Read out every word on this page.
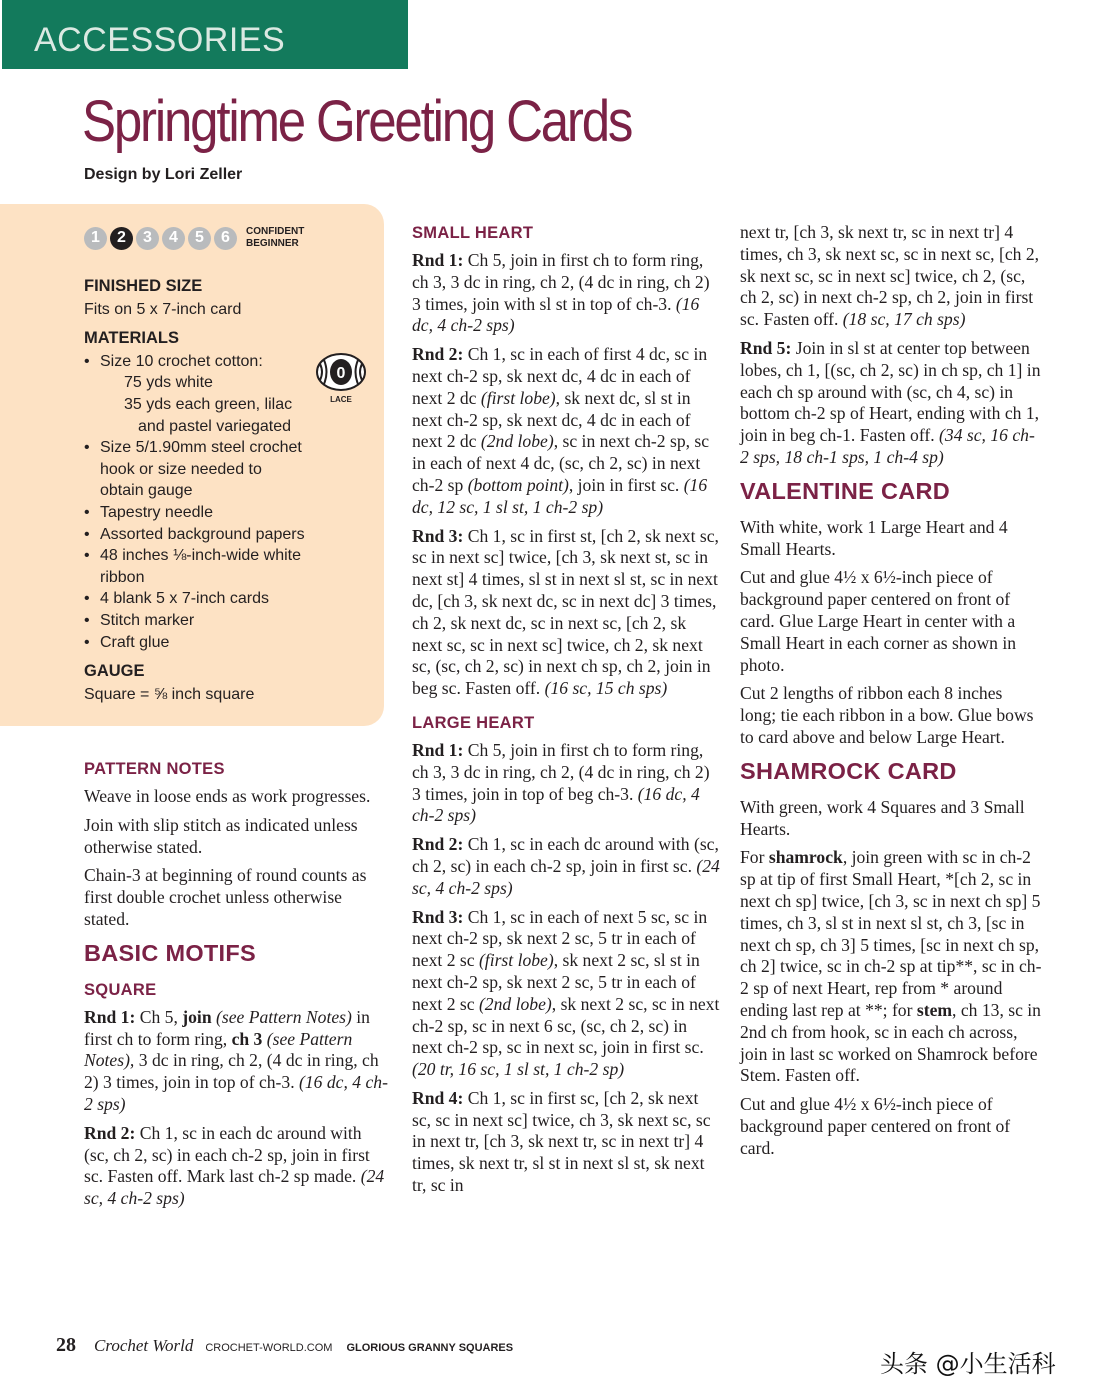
ACCESSORIES
Springtime Greeting Cards
Design by Lori Zeller
1	2	3	4	5	6	CONFIDENT
BEGINNER
0
LACE
FINISHED SIZE
Fits on 5 x 7-inch card
MATERIALS
• Size 10 crochet cotton:
75 yds white
35 yds each green, lilac
and pastel variegated
• Size 5/1.90mm steel crochet
hook or size needed to
obtain gauge
• Tapestry needle
• Assorted background papers
• 48 inches ⅛-inch-wide white
ribbon
• 4 blank 5 x 7-inch cards
• Stitch marker
• Craft glue
GAUGE
Square = ⅝ inch square
PATTERN NOTES

Weave in loose ends as work progresses.

Join with slip stitch as indicated unless otherwise stated.

Chain-3 at beginning of round counts as first double crochet unless otherwise stated.

BASIC MOTIFS
SQUARE

Rnd 1: Ch 5, join (see Pattern Notes) in first ch to form ring, ch 3 (see Pattern Notes), 3 dc in ring, ch 2, (4 dc in ring, ch 2) 3 times, join in top of ch-3. (16 dc, 4 ch-2 sps)

Rnd 2: Ch 1, sc in each dc around with (sc, ch 2, sc) in each ch-2 sp, join in first sc. Fasten off. Mark last ch-2 sp made. (24 sc, 4 ch-2 sps)

SMALL HEART

Rnd 1: Ch 5, join in first ch to form ring, ch 3, 3 dc in ring, ch 2, (4 dc in ring, ch 2) 3 times, join with sl st in top of ch-3. (16 dc, 4 ch-2 sps)

Rnd 2: Ch 1, sc in each of first 4 dc, sc in next ch-2 sp, sk next dc, 4 dc in each of next 2 dc (first lobe), sk next dc, sl st in next ch-2 sp, sk next dc, 4 dc in each of next 2 dc (2nd lobe), sc in next ch-2 sp, sc in each of next 4 dc, (sc, ch 2, sc) in next ch-2 sp (bottom point), join in first sc. (16 dc, 12 sc, 1 sl st, 1 ch-2 sp)

Rnd 3: Ch 1, sc in first st, [ch 2, sk next sc, sc in next sc] twice, [ch 3, sk next st, sc in next st] 4 times, sl st in next sl st, sc in next dc, [ch 3, sk next dc, sc in next dc] 3 times, ch 2, sk next dc, sc in next sc, [ch 2, sk next sc, sc in next sc] twice, ch 2, sk next sc, (sc, ch 2, sc) in next ch sp, ch 2, join in beg sc. Fasten off. (16 sc, 15 ch sps)

LARGE HEART

Rnd 1: Ch 5, join in first ch to form ring, ch 3, 3 dc in ring, ch 2, (4 dc in ring, ch 2) 3 times, join in top of beg ch-3. (16 dc, 4 ch-2 sps)

Rnd 2: Ch 1, sc in each dc around with (sc, ch 2, sc) in each ch-2 sp, join in first sc. (24 sc, 4 ch-2 sps)

Rnd 3: Ch 1, sc in each of next 5 sc, sc in next ch-2 sp, sk next 2 sc, 5 tr in each of next 2 sc (first lobe), sk next 2 sc, sl st in next ch-2 sp, sk next 2 sc, 5 tr in each of next 2 sc (2nd lobe), sk next 2 sc, sc in next ch-2 sp, sc in next 6 sc, (sc, ch 2, sc) in next ch-2 sp, sc in next sc, join in first sc. (20 tr, 16 sc, 1 sl st, 1 ch-2 sp)

Rnd 4: Ch 1, sc in first sc, [ch 2, sk next sc, sc in next sc] twice, ch 3, sk next sc, sc in next tr, [ch 3, sk next tr, sc in next tr] 4 times, sk next tr, sl st in next sl st, sk next tr, sc in

next tr, [ch 3, sk next tr, sc in next tr] 4 times, ch 3, sk next sc, sc in next sc, [ch 2, sk next sc, sc in next sc] twice, ch 2, (sc, ch 2, sc) in next ch-2 sp, ch 2, join in first sc. Fasten off. (18 sc, 17 ch sps)

Rnd 5: Join in sl st at center top between lobes, ch 1, [(sc, ch 2, sc) in ch sp, ch 1] in each ch sp around with (sc, ch 4, sc) in bottom ch-2 sp of Heart, ending with ch 1, join in beg ch-1. Fasten off. (34 sc, 16 ch-2 sps, 18 ch-1 sps, 1 ch-4 sp)

VALENTINE CARD

With white, work 1 Large Heart and 4 Small Hearts.

Cut and glue 4½ x 6½-inch piece of background paper centered on front of card. Glue Large Heart in center with a Small Heart in each corner as shown in photo.

Cut 2 lengths of ribbon each 8 inches long; tie each ribbon in a bow. Glue bows to card above and below Large Heart.

SHAMROCK CARD

With green, work 4 Squares and 3 Small Hearts.

For shamrock, join green with sc in ch-2 sp at tip of first Small Heart, *[ch 2, sc in next ch sp] twice, [ch 3, sc in next ch sp] 5 times, ch 3, sl st in next sl st, ch 3, [sc in next ch sp, ch 3] 5 times, [sc in next ch sp, ch 2] twice, sc in ch-2 sp at tip**, sc in ch-2 sp of next Heart, rep from * around ending last rep at **; for stem, ch 13, sc in 2nd ch from hook, sc in each ch across, join in last sc worked on Shamrock before Stem. Fasten off.

Cut and glue 4½ x 6½-inch piece of background paper centered on front of card.

28 Crochet World CROCHET-WORLD.COM GLORIOUS GRANNY SQUARES
头条 @小生活科
